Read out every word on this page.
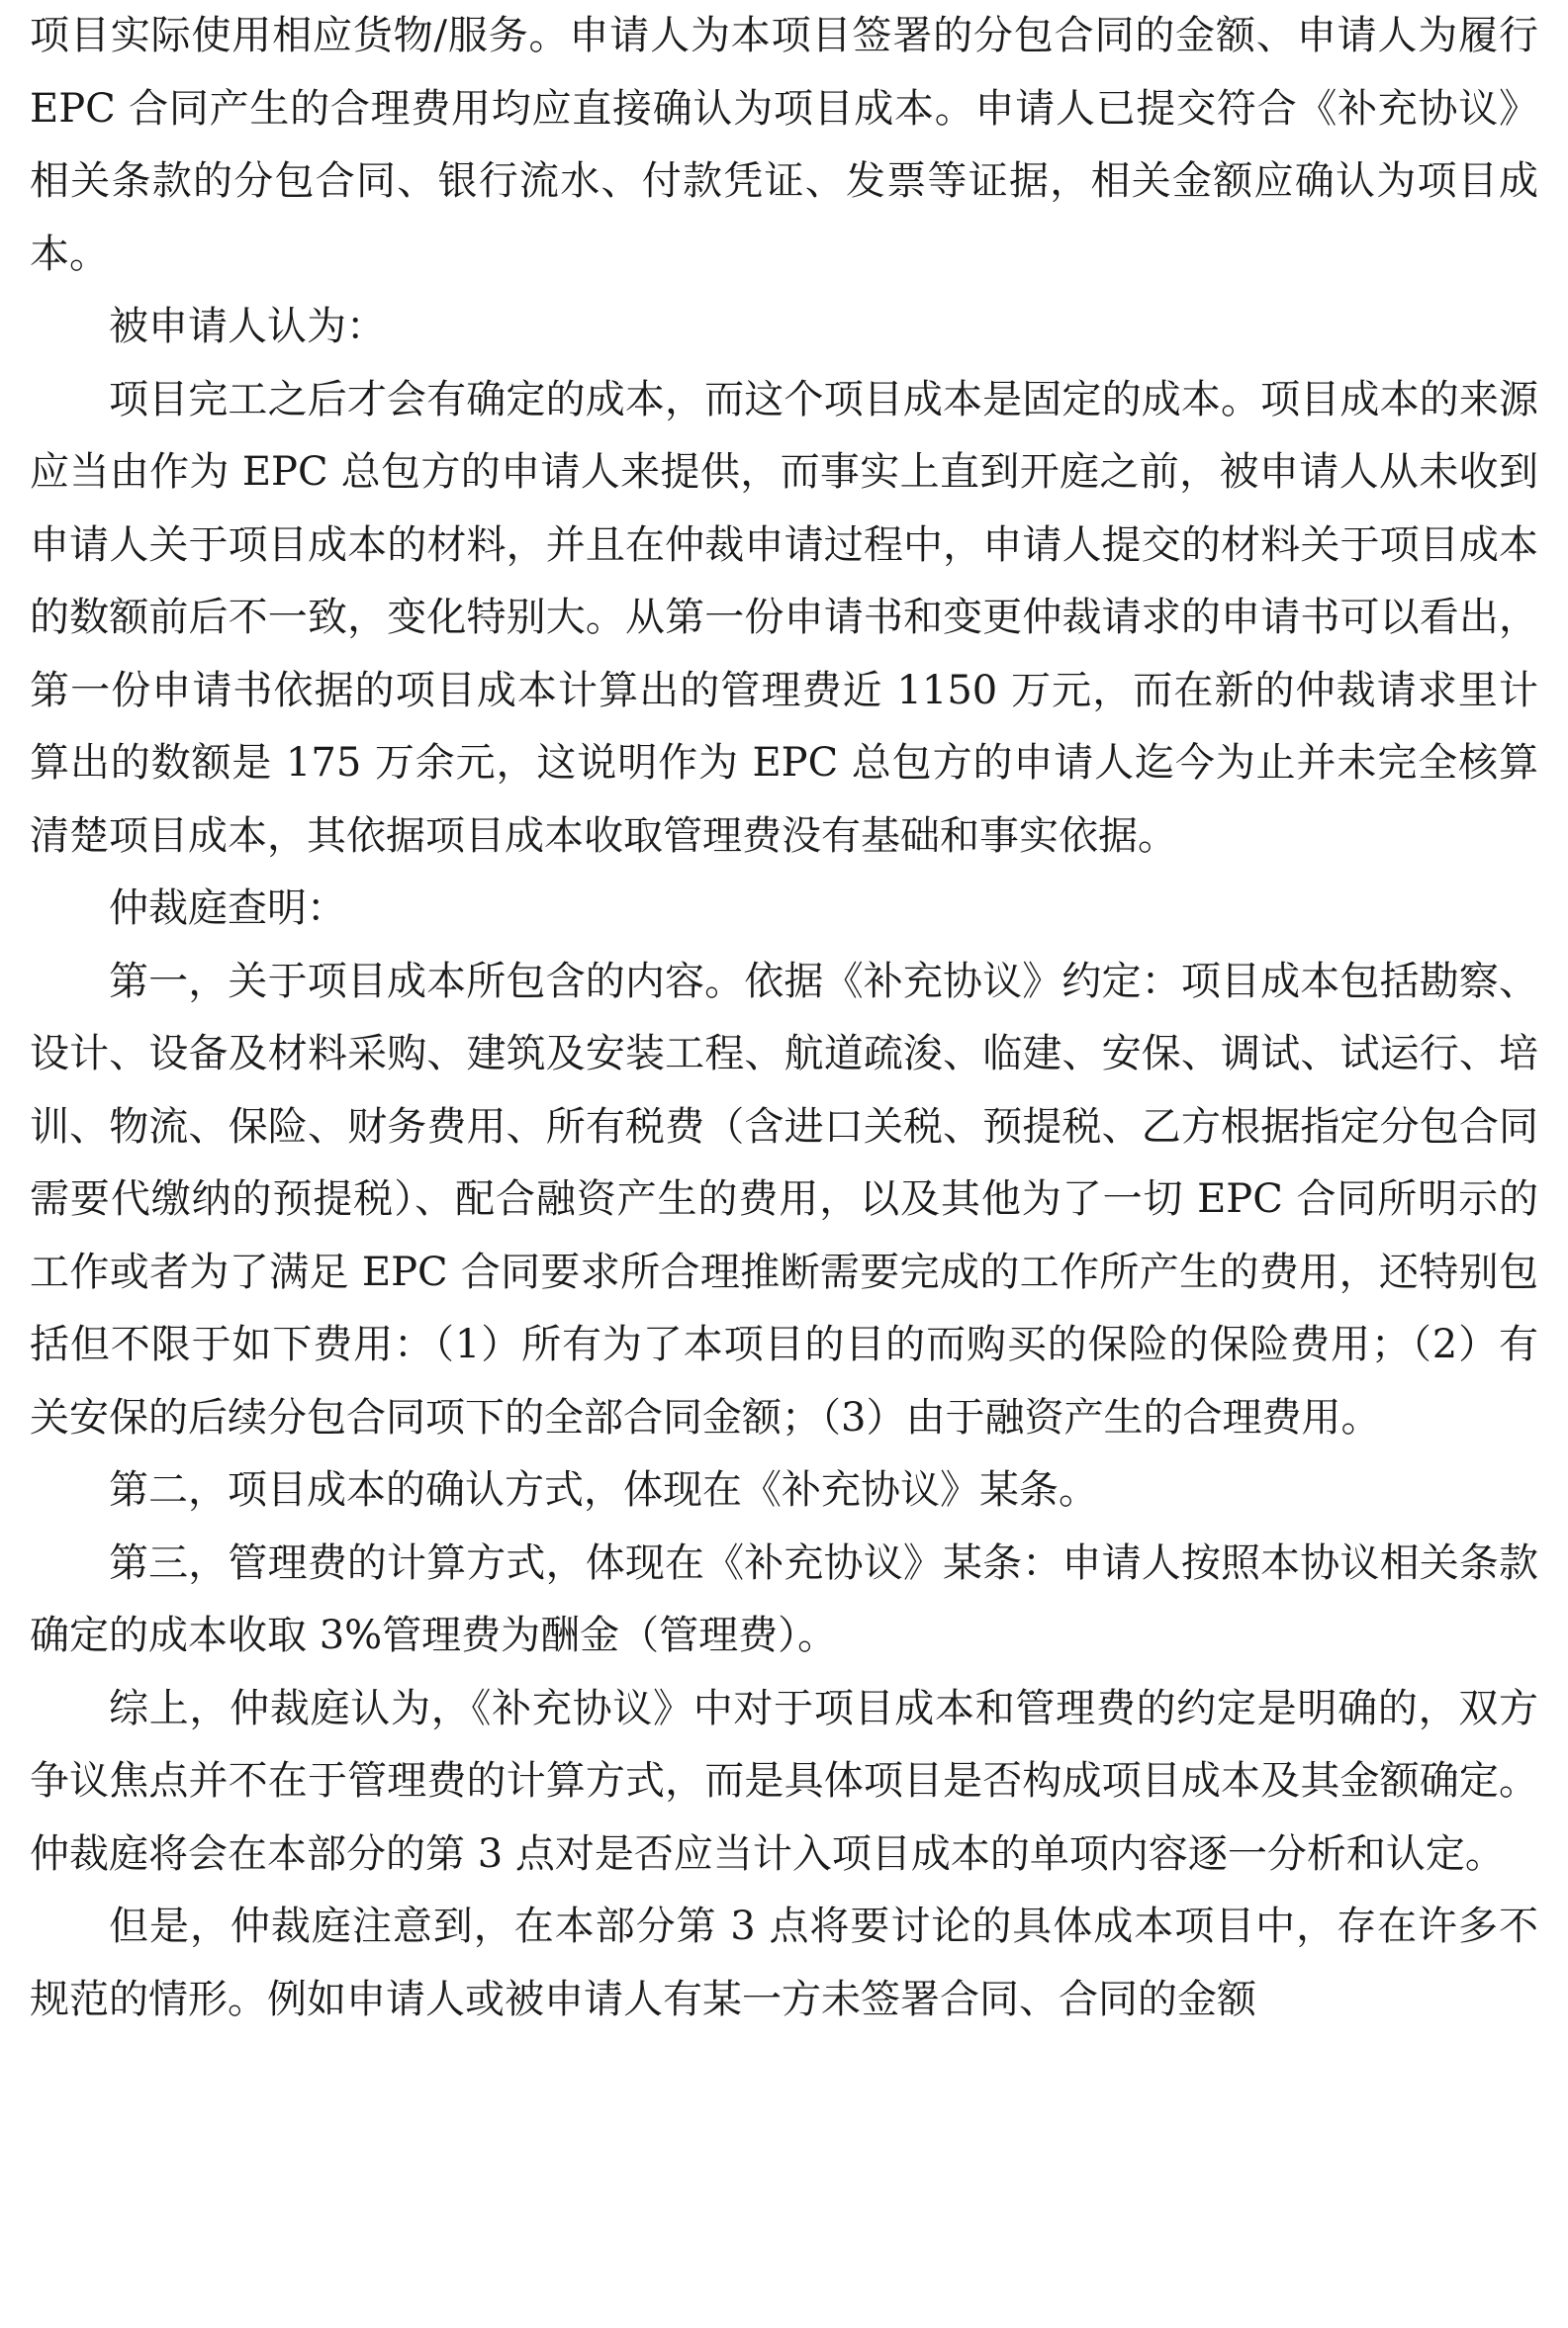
项目实际使用相应货物/服务。申请人为本项目签署的分包合同的金额、申请人为履行 EPC 合同产生的合理费用均应直接确认为项目成本。申请人已提交符合《补充协议》相关条款的分包合同、银行流水、付款凭证、发票等证据，相关金额应确认为项目成本。

被申请人认为：

项目完工之后才会有确定的成本，而这个项目成本是固定的成本。项目成本的来源应当由作为 EPC 总包方的申请人来提供，而事实上直到开庭之前，被申请人从未收到申请人关于项目成本的材料，并且在仲裁申请过程中，申请人提交的材料关于项目成本的数额前后不一致，变化特别大。从第一份申请书和变更仲裁请求的申请书可以看出，第一份申请书依据的项目成本计算出的管理费近 1150 万元，而在新的仲裁请求里计算出的数额是 175 万余元，这说明作为 EPC 总包方的申请人迄今为止并未完全核算清楚项目成本，其依据项目成本收取管理费没有基础和事实依据。

仲裁庭查明：

第一，关于项目成本所包含的内容。依据《补充协议》约定：项目成本包括勘察、设计、设备及材料采购、建筑及安装工程、航道疏浚、临建、安保、调试、试运行、培训、物流、保险、财务费用、所有税费（含进口关税、预提税、乙方根据指定分包合同需要代缴纳的预提税）、配合融资产生的费用，以及其他为了一切 EPC 合同所明示的工作或者为了满足 EPC 合同要求所合理推断需要完成的工作所产生的费用，还特别包括但不限于如下费用：（1）所有为了本项目的目的而购买的保险的保险费用；（2）有关安保的后续分包合同项下的全部合同金额；（3）由于融资产生的合理费用。

第二，项目成本的确认方式，体现在《补充协议》某条。

第三，管理费的计算方式，体现在《补充协议》某条：申请人按照本协议相关条款确定的成本收取 3%管理费为酬金（管理费）。

综上，仲裁庭认为，《补充协议》中对于项目成本和管理费的约定是明确的，双方争议焦点并不在于管理费的计算方式，而是具体项目是否构成项目成本及其金额确定。仲裁庭将会在本部分的第 3 点对是否应当计入项目成本的单项内容逐一分析和认定。

但是，仲裁庭注意到，在本部分第 3 点将要讨论的具体成本项目中，存在许多不规范的情形。例如申请人或被申请人有某一方未签署合同、合同的金额
